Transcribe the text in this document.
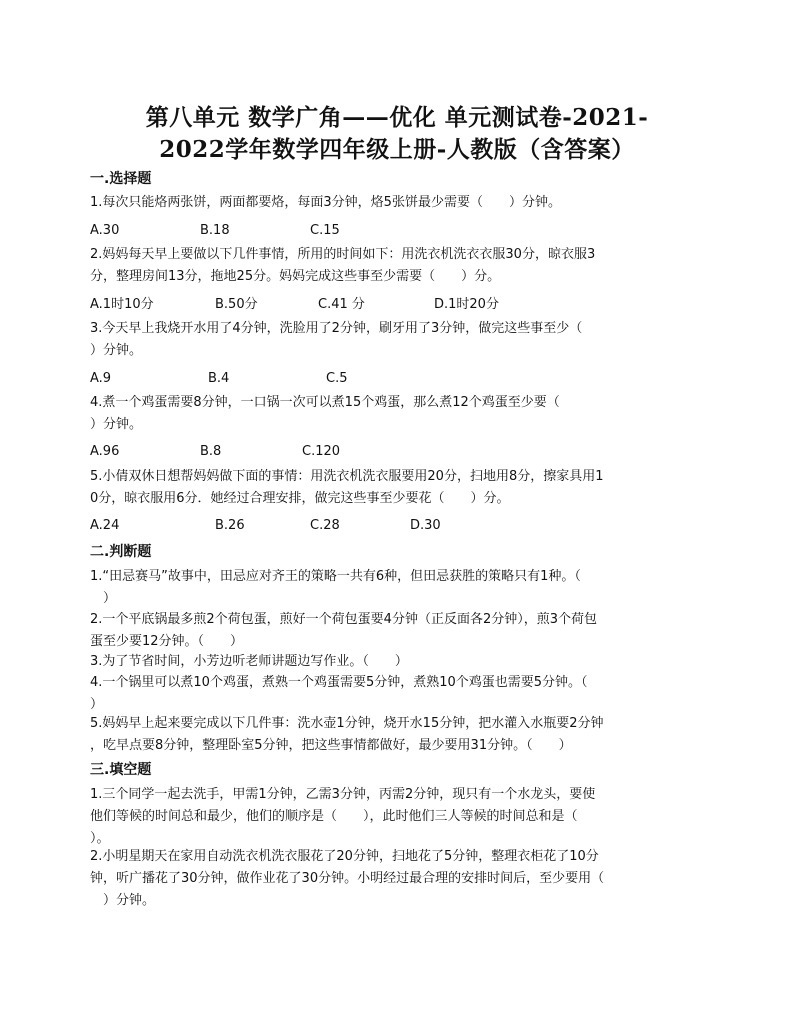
第八单元 数学广角——优化 单元测试卷-2021-
2022学年数学四年级上册-人教版（含答案）
一.选择题
1.每次只能烙两张饼，两面都要烙，每面3分钟，烙5张饼最少需要（　　）分钟。
A.30	B.18	C.15
2.妈妈每天早上要做以下几件事情，所用的时间如下：用洗衣机洗衣衣服30分，晾衣服3
分，整理房间13分，拖地25分。妈妈完成这些事至少需要（　　）分。
A.1时10分	B.50分	C.41 分	D.1时20分
3.今天早上我烧开水用了4分钟，洗脸用了2分钟，刷牙用了3分钟，做完这些事至少（
）分钟。
A.9	B.4	C.5
4.煮一个鸡蛋需要8分钟，一口锅一次可以煮15个鸡蛋，那么煮12个鸡蛋至少要（
）分钟。
A.96	B.8	C.120
5.小倩双休日想帮妈妈做下面的事情：用洗衣机洗衣服要用20分，扫地用8分，擦家具用1
0分，晾衣服用6分．她经过合理安排，做完这些事至少要花（　　）分。
A.24	B.26	C.28	D.30
二.判断题
1.“田忌赛马”故事中，田忌应对齐王的策略一共有6种，但田忌获胜的策略只有1种。（
　）
2.一个平底锅最多煎2个荷包蛋，煎好一个荷包蛋要4分钟（正反面各2分钟），煎3个荷包
蛋至少要12分钟。（　　）
3.为了节省时间，小芳边听老师讲题边写作业。（　　）
4.一个锅里可以煮10个鸡蛋，煮熟一个鸡蛋需要5分钟，煮熟10个鸡蛋也需要5分钟。（
）
5.妈妈早上起来要完成以下几件事：洗水壶1分钟，烧开水15分钟，把水灌入水瓶要2分钟
，吃早点要8分钟，整理卧室5分钟，把这些事情都做好，最少要用31分钟。（　　）
三.填空题
1.三个同学一起去洗手，甲需1分钟，乙需3分钟，丙需2分钟，现只有一个水龙头，要使
他们等候的时间总和最少，他们的顺序是（　　），此时他们三人等候的时间总和是（
）。
2.小明星期天在家用自动洗衣机洗衣服花了20分钟，扫地花了5分钟，整理衣柜花了10分
钟，听广播花了30分钟，做作业花了30分钟。小明经过最合理的安排时间后，至少要用（
　）分钟。
